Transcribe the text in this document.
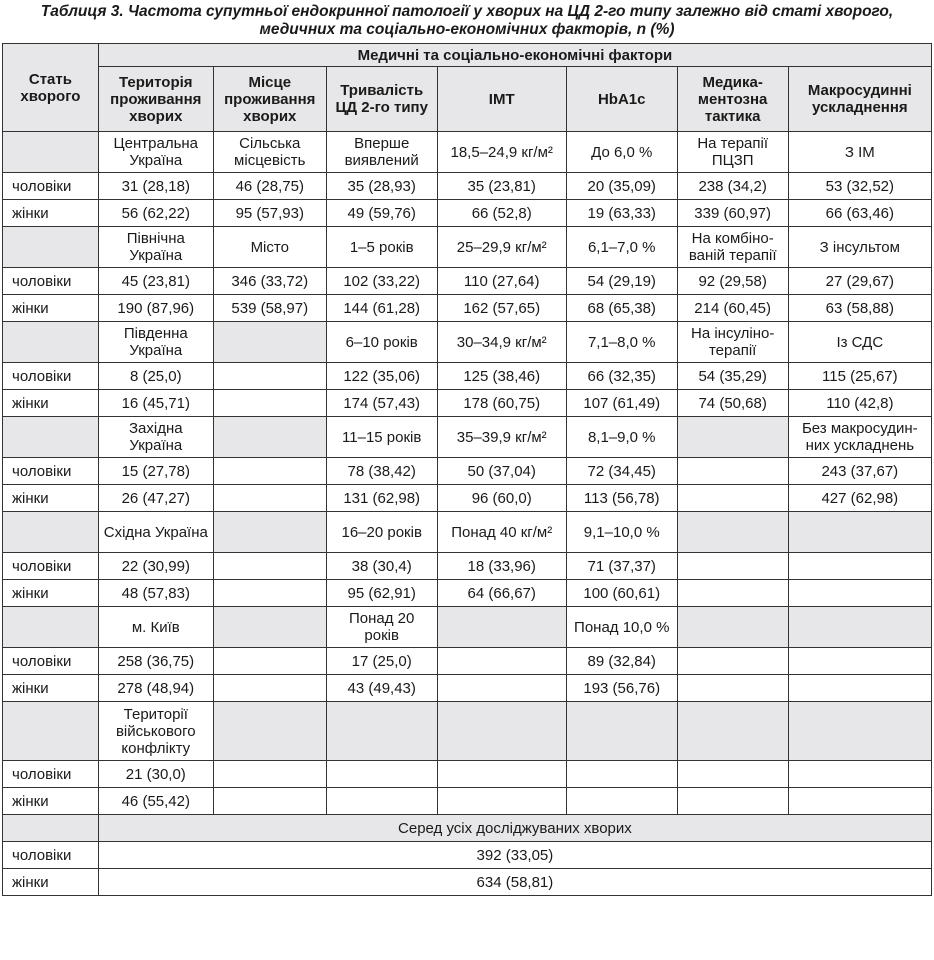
Таблиця 3. Частота супутньої ендокринної патології у хворих на ЦД 2-го типу залежно від статі хворого,
медичних та соціально-економічних факторів, n (%)
Стать хворого	Медичні та соціально-економічні фактори						
	Територія проживання хворих	Місце проживання хворих	Тривалість ЦД 2-го типу	ІМТ	HbA1c	Медика-ментозна тактика	Макросудинні ускладнення
	Центральна Україна	Сільська місцевість	Вперше виявлений	18,5–24,9 кг/м²	До 6,0 %	На терапії ПЦЗП	З ІМ
чоловіки	31 (28,18)	46 (28,75)	35 (28,93)	35 (23,81)	20 (35,09)	238 (34,2)	53 (32,52)
жінки	56 (62,22)	95 (57,93)	49 (59,76)	66 (52,8)	19 (63,33)	339 (60,97)	66 (63,46)
	Північна Україна	Місто	1–5 років	25–29,9 кг/м²	6,1–7,0 %	На комбіно-ваній терапії	З інсультом
чоловіки	45 (23,81)	346 (33,72)	102 (33,22)	110 (27,64)	54 (29,19)	92 (29,58)	27 (29,67)
жінки	190 (87,96)	539 (58,97)	144 (61,28)	162 (57,65)	68 (65,38)	214 (60,45)	63 (58,88)
	Південна Україна		6–10 років	30–34,9 кг/м²	7,1–8,0 %	На інсуліно-терапії	Із СДС
чоловіки	8 (25,0)		122 (35,06)	125 (38,46)	66 (32,35)	54 (35,29)	115 (25,67)
жінки	16 (45,71)		174 (57,43)	178 (60,75)	107 (61,49)	74 (50,68)	110 (42,8)
	Західна Україна		11–15 років	35–39,9 кг/м²	8,1–9,0 %		Без макросудин-них ускладнень
чоловіки	15 (27,78)		78 (38,42)	50 (37,04)	72 (34,45)		243 (37,67)
жінки	26 (47,27)		131 (62,98)	96 (60,0)	113 (56,78)		427 (62,98)
	Східна Україна		16–20 років	Понад 40 кг/м²	9,1–10,0 %		
чоловіки	22 (30,99)		38 (30,4)	18 (33,96)	71 (37,37)		
жінки	48 (57,83)		95 (62,91)	64 (66,67)	100 (60,61)		
	м. Київ		Понад 20 років		Понад 10,0 %		
чоловіки	258 (36,75)		17 (25,0)		89 (32,84)		
жінки	278 (48,94)		43 (49,43)		193 (56,76)		
	Території військового конфлікту						
чоловіки	21 (30,0)						
жінки	46 (55,42)						
	Серед усіх досліджуваних хворих						
чоловіки	392 (33,05)						
жінки	634 (58,81)						
